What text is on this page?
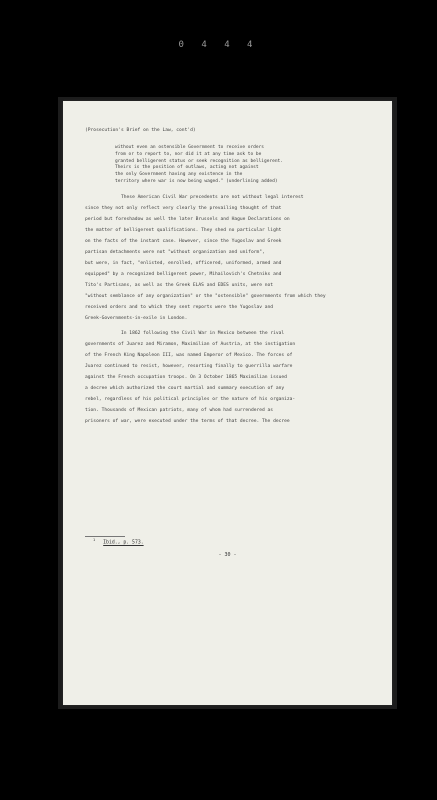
0 4 4 4

(Prosecution's Brief on the Law, cont'd)

without even an ostensible Government to receive orders
from or to report to, nor did it at any time ask to be
granted belligerent status or seek recognition as belligerent.
Theirs is the position of outlaws, acting not against
the only Government having any existence in the
territory where war is now being waged." (underlining added)
These American Civil War precedents are not without legal interest
since they not only reflect very clearly the prevailing thought of that
period but foreshadow as well the later Brussels and Hague Declarations on
the matter of belligerent qualifications. They shed no particular light
on the facts of the instant case. However, since the Yugoslav and Greek
partisan detachments were not "without organization and uniform",
but were, in fact, "enlisted, enrolled, officered, uniformed, armed and
equipped" by a recognized belligerent power, Mihailovich's Chetniks and
Tito's Partisans, as well as the Greek ELAS and EDES units, were not
"without semblance of any organization" or the "ostensible" governments from which they
received orders and to which they sent reports were the Yugoslav and
Greek-Governments-in-exile in London.
In 1862 following the Civil War in Mexico between the rival
governments of Juarez and Miramon, Maximilian of Austria, at the instigation
of the French King Napoleon III, was named Emperor of Mexico. The forces of
Juarez continued to resist, however, resorting finally to guerrilla warfare
against the French occupation troops. On 3 October 1865 Maximilian issued
a decree which authorized the court martial and summary execution of any
rebel, regardless of his political principles or the nature of his organiza-
tion. Thousands of Mexican patriots, many of whom had surrendered as
prisoners of war, were executed under the terms of that decree. The decree
$^1$Ibid., p. 573.
- 30 -
